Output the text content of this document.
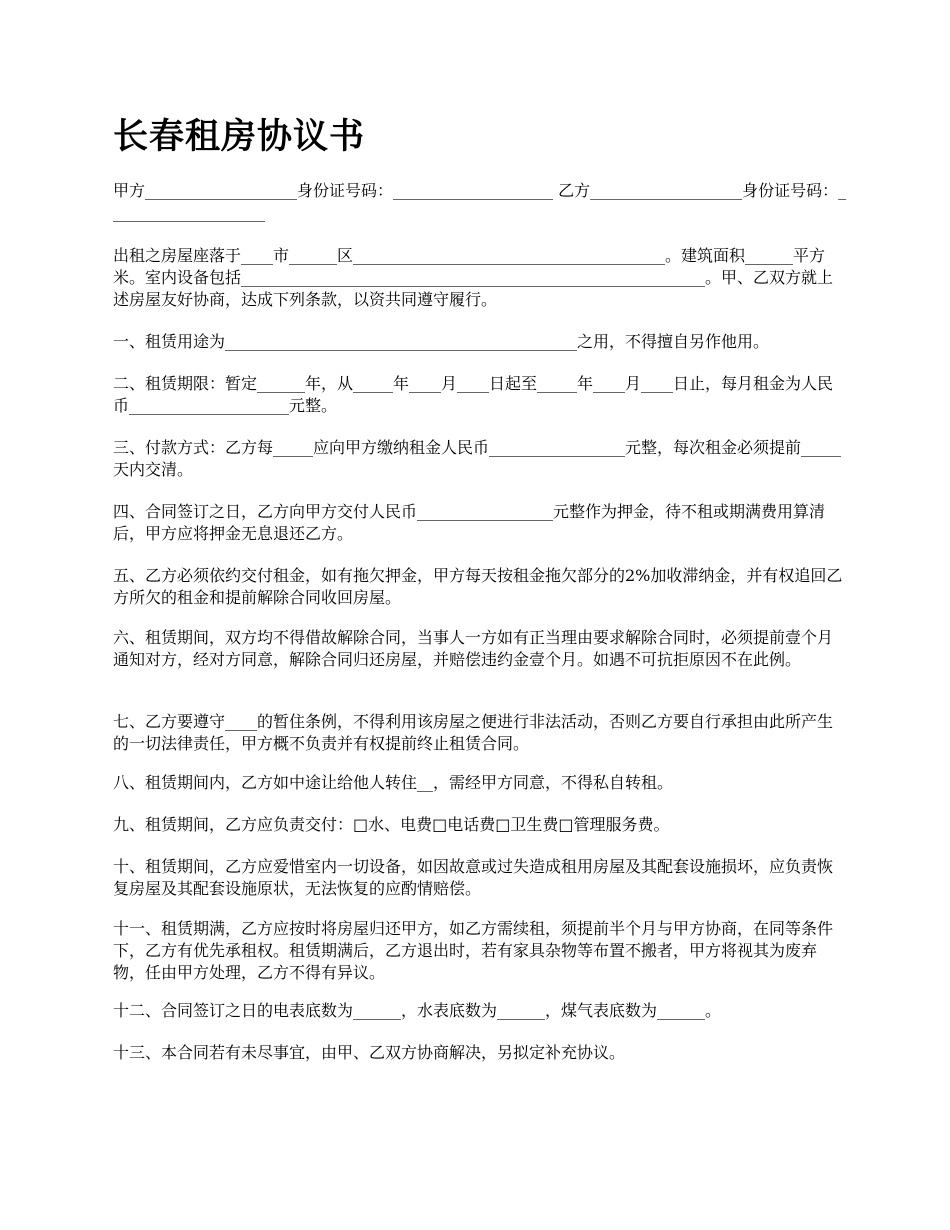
长春租房协议书

甲方___________________身份证号码：____________________ 乙方___________________身份证号码：____________________

出租之房屋座落于____市______区_______________________________________。建筑面积______平方米。室内设备包括__________________________________________________________。甲、乙双方就上述房屋友好协商，达成下列条款，以资共同遵守履行。

一、租赁用途为____________________________________________之用，不得擅自另作他用。

二、租赁期限：暂定______年，从_____年____月____日起至_____年____月____日止，每月租金为人民币____________________元整。

三、付款方式：乙方每_____应向甲方缴纳租金人民币_________________元整，每次租金必须提前_____天内交清。

四、合同签订之日，乙方向甲方交付人民币_________________元整作为押金，待不租或期满费用算清后，甲方应将押金无息退还乙方。

五、乙方必须依约交付租金，如有拖欠押金，甲方每天按租金拖欠部分的2%加收滞纳金，并有权追回乙方所欠的租金和提前解除合同收回房屋。

六、租赁期间，双方均不得借故解除合同，当事人一方如有正当理由要求解除合同时，必须提前壹个月通知对方，经对方同意，解除合同归还房屋，并赔偿违约金壹个月。如遇不可抗拒原因不在此例。

七、乙方要遵守____的暂住条例，不得利用该房屋之便进行非法活动，否则乙方要自行承担由此所产生的一切法律责任，甲方概不负责并有权提前终止租赁合同。

八、租赁期间内，乙方如中途让给他人转住__，需经甲方同意，不得私自转租。

九、租赁期间，乙方应负责交付：□水、电费□电话费□卫生费□管理服务费。

十、租赁期间，乙方应爱惜室内一切设备，如因故意或过失造成租用房屋及其配套设施损坏，应负责恢复房屋及其配套设施原状，无法恢复的应酌情赔偿。

十一、租赁期满，乙方应按时将房屋归还甲方，如乙方需续租，须提前半个月与甲方协商，在同等条件下，乙方有优先承租权。租赁期满后，乙方退出时，若有家具杂物等布置不搬者，甲方将视其为废弃物，任由甲方处理，乙方不得有异议。

十二、合同签订之日的电表底数为______，水表底数为______，煤气表底数为______。

十三、本合同若有未尽事宜，由甲、乙双方协商解决，另拟定补充协议。
